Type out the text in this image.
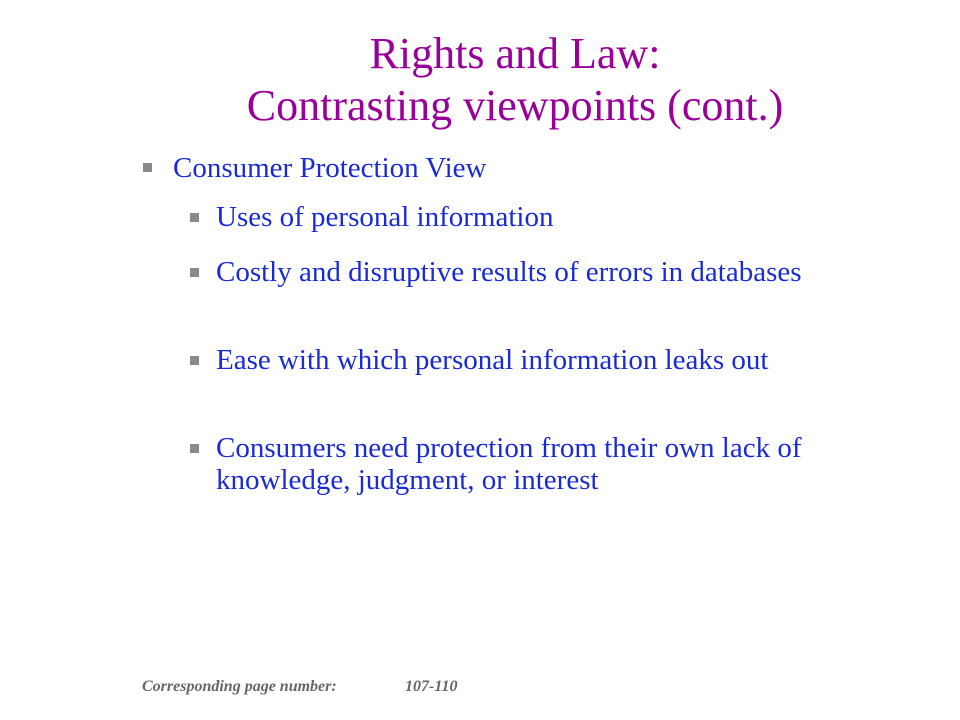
Rights and Law:
Contrasting viewpoints (cont.)
Consumer Protection View
Uses of personal information
Costly and disruptive results of errors in databases
Ease with which personal information leaks out
Consumers need protection from their own lack of knowledge, judgment, or interest
Corresponding page number:	107-110
